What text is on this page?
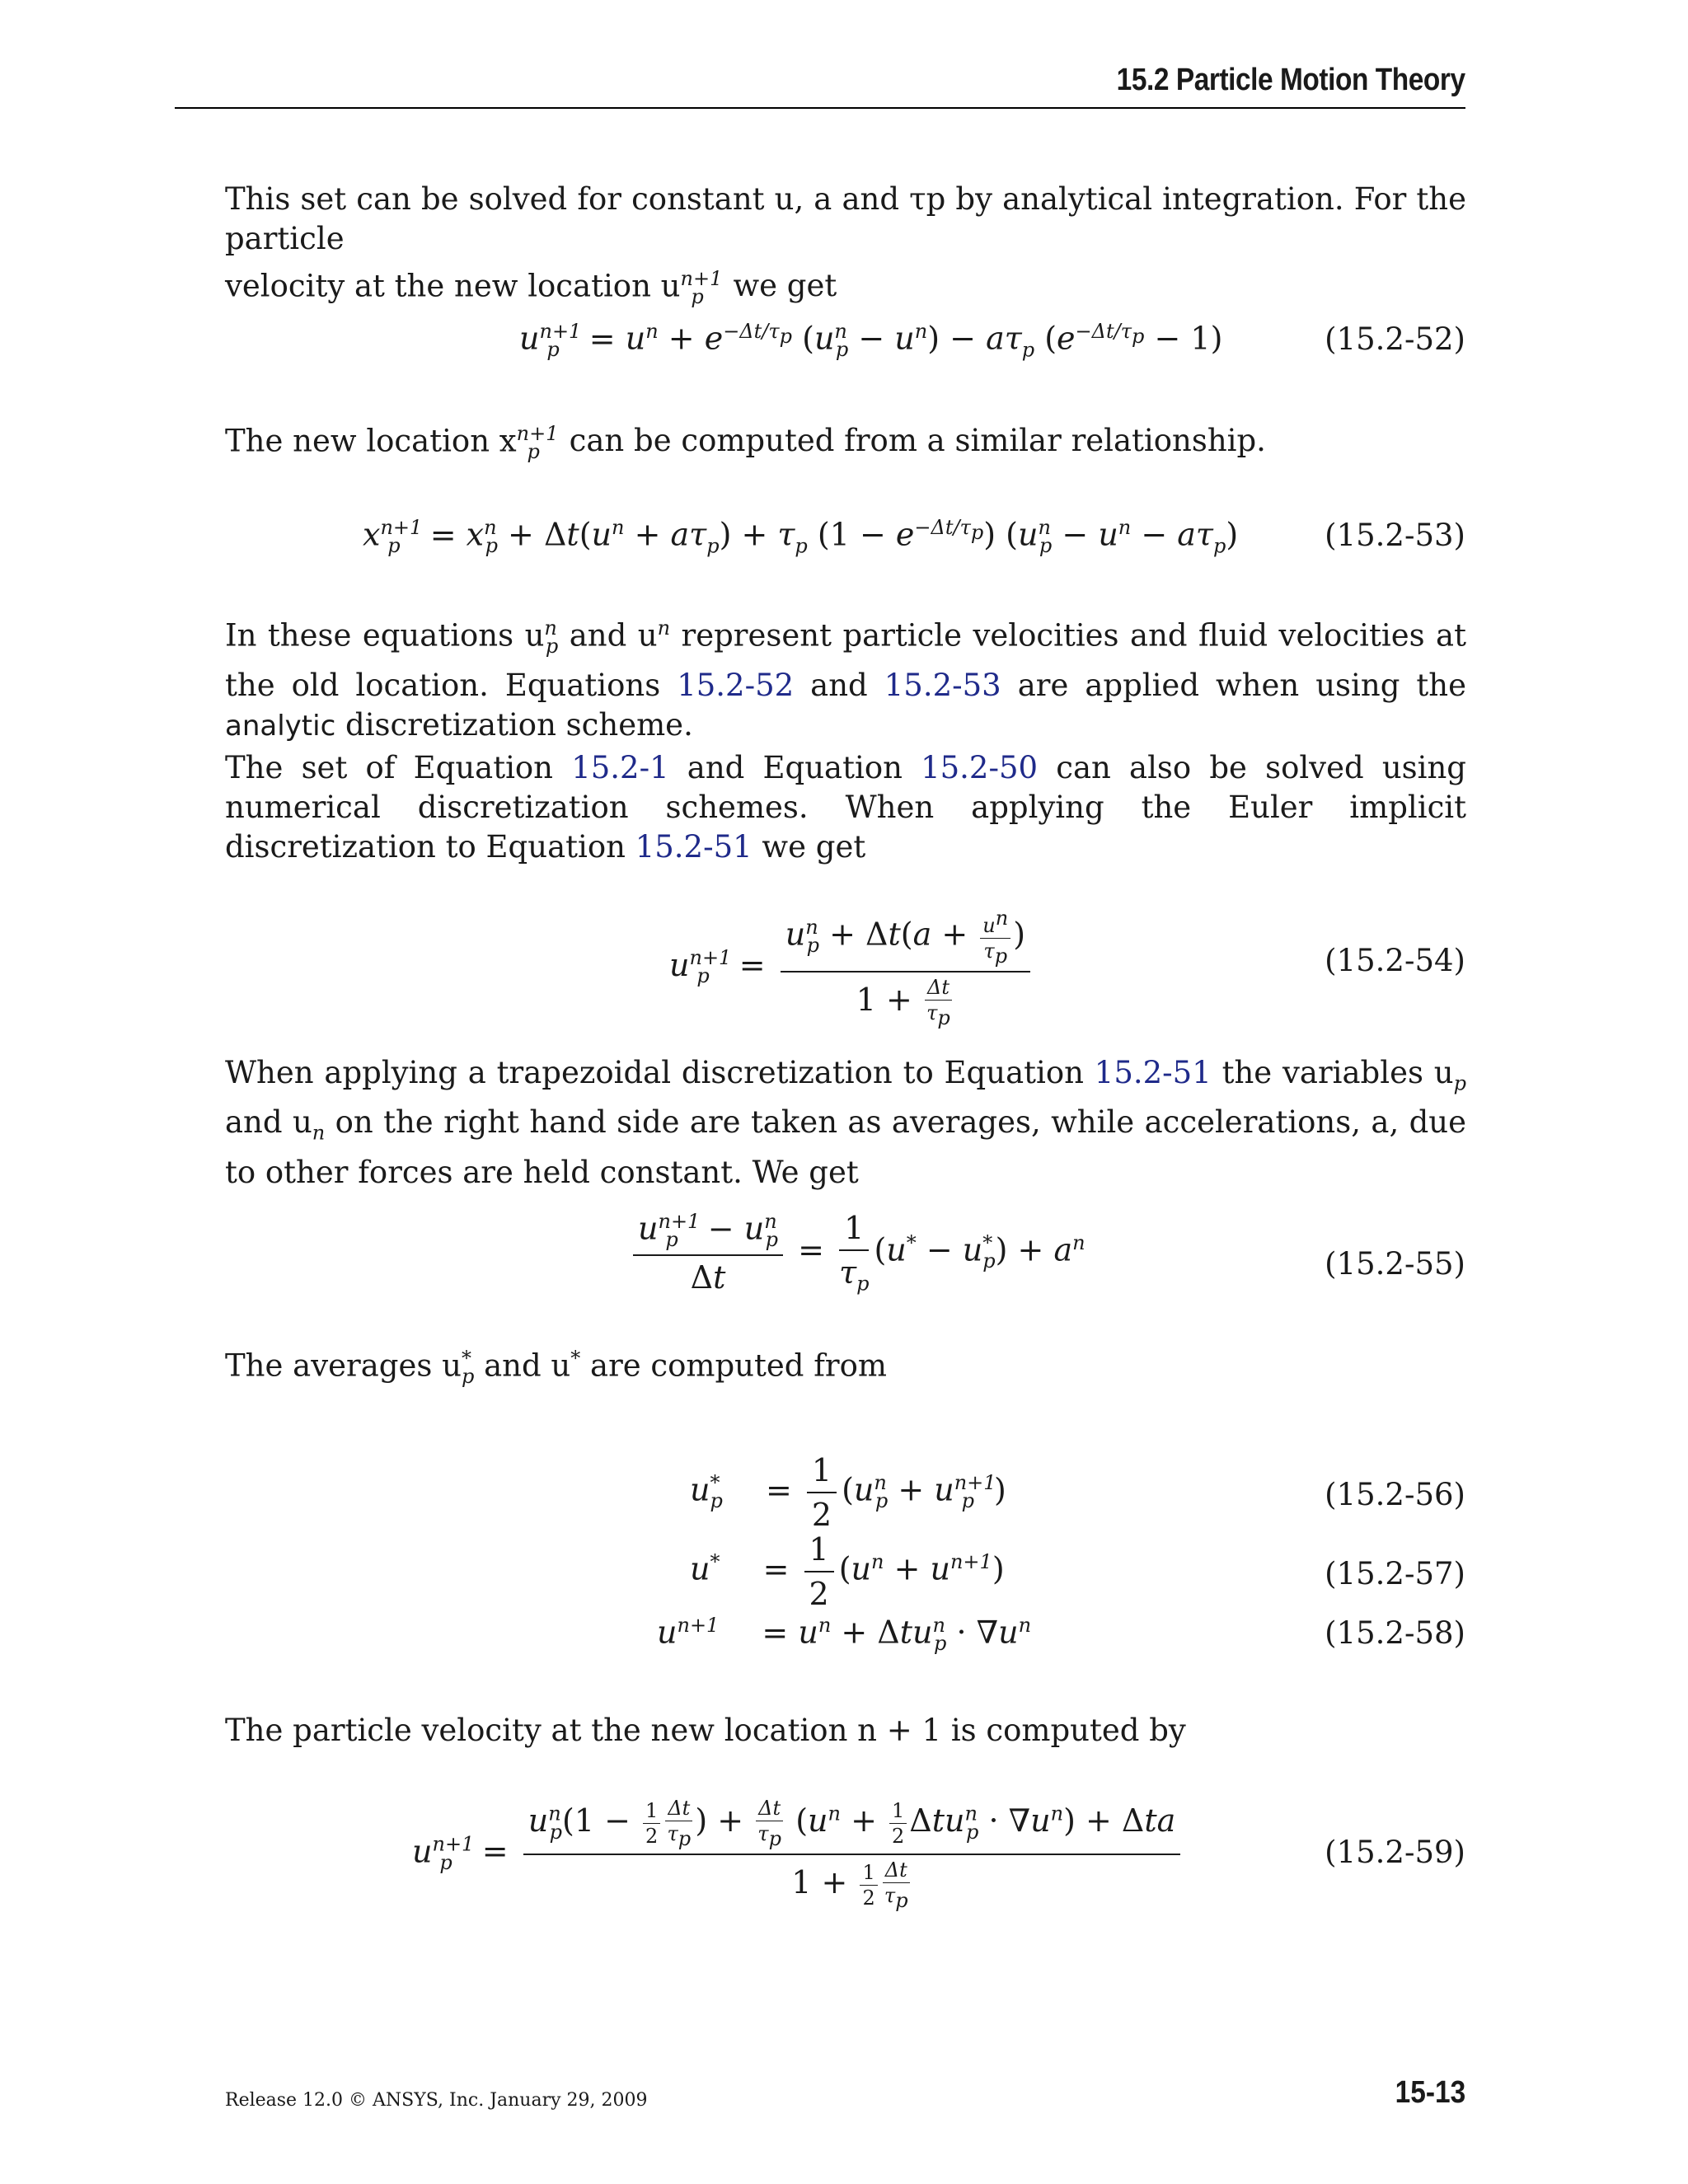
15.2 Particle Motion Theory

This set can be solved for constant u, a and τp by analytical integration. For the particle

velocity at the new location $u^{n+1}_p$ we get

$u^{n+1}_p = u^n + e^{-\Delta t/\tau_p}$ $(u^n_p - u^n) - a\tau_p$ $(e^{-\Delta t/\tau_p} - 1)$	(15.2-52)

The new location $x^{n+1}_p$ can be computed from a similar relationship.

$x^{n+1}_p = x^n_p + \Delta t(u^n + a\tau_p) + \tau_p$ $(1 - e^{-\Delta t/\tau_p})$ $(u^n_p - u^n - a\tau_p)$	(15.2-53)

In these equations $u^n_p$ and $u^n$ represent particle velocities and fluid velocities at the old location. Equations 15.2-52 and 15.2-53 are applied when using the analytic discretization scheme.

The set of Equation 15.2-1 and Equation 15.2-50 can also be solved using numerical discretization schemes. When applying the Euler implicit discretization to Equation 15.2-51 we get

$u^{n+1}_p = \frac{u^n_p + \Delta t(a + \frac{u^n}{\tau_p} )}{1 + \frac{\Delta t}{\tau_p}}$	(15.2-54)

When applying a trapezoidal discretization to Equation 15.2-51 the variables $u_p$ and $u_n$ on the right hand side are taken as averages, while accelerations, a, due to other forces are held constant. We get

$\frac{u^{n+1}_p - u^n_p}{\Delta t} = \frac{1}{\tau_p} (u^* - u^*_p) + a^n$
(15.2-55)

The averages $u^*_p$ and u* are computed from

$u^*_p = \frac{1}{2} (u^n_p + u^{n+1}_p$ )	(15.2-56)
$u^* = \frac{1}{2} (u^n + u^{n+1})$	(15.2-57)
$u^{n+1} = u^n + \Delta tu^n_p \cdot \nabla u^n$	(15.2-58)

The particle velocity at the new location n + 1 is computed by

$u^{n+1}_p = \frac{u^n_p(1 - \frac{1}{2} \frac{\Delta t}{\tau_p} ) + \frac{\Delta t}{\tau_p} (u^n + \frac{1}{2} \Delta tu^n_p \cdot \nabla u^n) + \Delta ta}{1 + \frac{1}{2} \frac{\Delta t}{\tau_p}}$	(15.2-59)
Release 12.0 © ANSYS, Inc. January 29, 2009	15-13
